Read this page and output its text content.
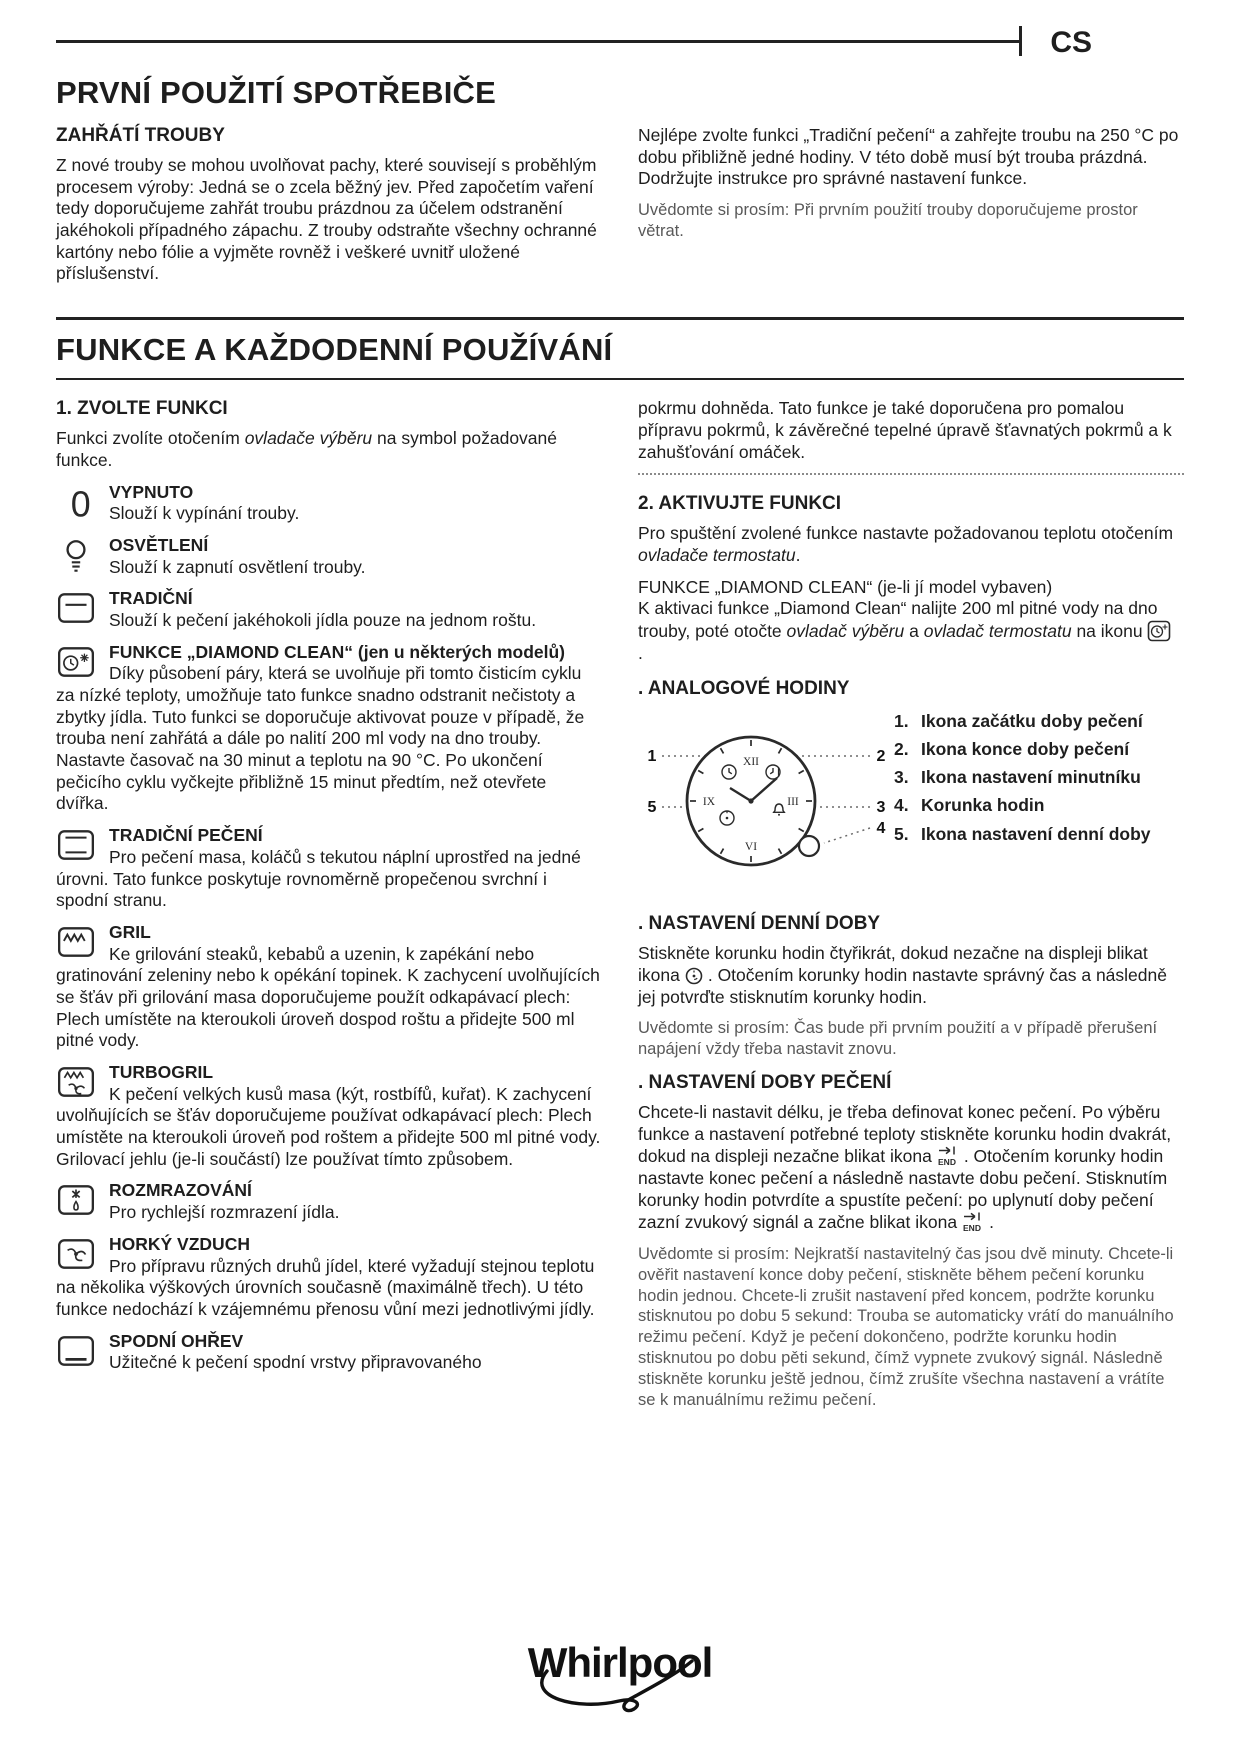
CS
PRVNÍ POUŽITÍ SPOTŘEBIČE
ZAHŘÁTÍ TROUBY

Z nové trouby se mohou uvolňovat pachy, které souvisejí s proběhlým procesem výroby: Jedná se o zcela běžný jev. Před započetím vaření tedy doporučujeme zahřát troubu prázdnou za účelem odstranění jakéhokoli případného zápachu. Z trouby odstraňte všechny ochranné kartóny nebo fólie a vyjměte rovněž i veškeré uvnitř uložené příslušenství.

Nejlépe zvolte funkci „Tradiční pečení“ a zahřejte troubu na 250 °C po dobu přibližně jedné hodiny. V této době musí být trouba prázdná. Dodržujte instrukce pro správné nastavení funkce.

Uvědomte si prosím: Při prvním použití trouby doporučujeme prostor větrat.

FUNKCE A KAŽDODENNÍ POUŽÍVÁNÍ
1. ZVOLTE FUNKCI

Funkci zvolíte otočením ovladače výběru na symbol požadované funkce.

0	VYPNUTO
Slouží k vypínání trouby.
OSVĚTLENÍ
Slouží k zapnutí osvětlení trouby.
TRADIČNÍ
Slouží k pečení jakéhokoli jídla pouze na jednom roštu.
FUNKCE „DIAMOND CLEAN“ (jen u některých modelů)
Díky působení páry, která se uvolňuje při tomto čisticím cyklu za nízké teploty, umožňuje tato funkce snadno odstranit nečistoty a zbytky jídla. Tuto funkci se doporučuje aktivovat pouze v případě, že trouba není zahřátá a dále po nalití 200 ml vody na dno trouby. Nastavte časovač na 30 minut a teplotu na 90 °C. Po ukončení pečicího cyklu vyčkejte přibližně 15 minut předtím, než otevřete dvířka.
TRADIČNÍ PEČENÍ
Pro pečení masa, koláčů s tekutou náplní uprostřed na jedné úrovni. Tato funkce poskytuje rovnoměrně propečenou svrchní i spodní stranu.
GRIL
Ke grilování steaků, kebabů a uzenin, k zapékání nebo gratinování zeleniny nebo k opékání topinek. K zachycení uvolňujících se šťáv při grilování masa doporučujeme použít odkapávací plech: Plech umístěte na kteroukoli úroveň dospod roštu a přidejte 500 ml pitné vody.
TURBOGRIL
K pečení velkých kusů masa (kýt, rostbífů, kuřat). K zachycení uvolňujících se šťáv doporučujeme používat odkapávací plech: Plech umístěte na kteroukoli úroveň pod roštem a přidejte 500 ml pitné vody. Grilovací jehlu (je-li součástí) lze používat tímto způsobem.
ROZMRAZOVÁNÍ
Pro rychlejší rozmrazení jídla.
HORKÝ VZDUCH
Pro přípravu různých druhů jídel, které vyžadují stejnou teplotu na několika výškových úrovních současně (maximálně třech). U této funkce nedochází k vzájemnému přenosu vůní mezi jednotlivými jídly.
SPODNÍ OHŘEV
Užitečné k pečení spodní vrstvy připravovaného

pokrmu dohněda. Tato funkce je také doporučena pro pomalou přípravu pokrmů, k závěrečné tepelné úpravě šťavnatých pokrmů a k zahušťování omáček.

2. AKTIVUJTE FUNKCI

Pro spuštění zvolené funkce nastavte požadovanou teplotu otočením ovladače termostatu.

FUNKCE „DIAMOND CLEAN“ (je-li jí model vybaven)
K aktivaci funkce „Diamond Clean“ nalijte 200 ml pitné vody na dno trouby, poté otočte ovladač výběru a ovladač termostatu na ikonu
.

. ANALOGOVÉ HODINY
XII
III
VI
IX
1	2
3
4
5
1. Ikona začátku doby pečení
2. Ikona konce doby pečení
3. Ikona nastavení minutníku
4. Korunka hodin
5. Ikona nastavení denní doby
. NASTAVENÍ DENNÍ DOBY

Stiskněte korunku hodin čtyřikrát, dokud nezačne na displeji blikat ikona . Otočením korunky hodin nastavte správný čas a následně jej potvrďte stisknutím korunky hodin.

Uvědomte si prosím: Čas bude při prvním použití a v případě přerušení napájení vždy třeba nastavit znovu.

. NASTAVENÍ DOBY PEČENÍ

Chcete-li nastavit délku, je třeba definovat konec pečení. Po výběru funkce a nastavení potřebné teploty stiskněte korunku hodin dvakrát, dokud na displeji nezačne blikat ikona END . Otočením korunky hodin nastavte konec pečení a následně nastavte dobu pečení. Stisknutím korunky hodin potvrdíte a spustíte pečení: po uplynutí doby pečení zazní zvukový signál a začne blikat ikona END .

Uvědomte si prosím: Nejkratší nastavitelný čas jsou dvě minuty. Chcete-li ověřit nastavení konce doby pečení, stiskněte během pečení korunku hodin jednou. Chcete-li zrušit nastavení před koncem, podržte korunku stisknutou po dobu 5 sekund: Trouba se automaticky vrátí do manuálního režimu pečení. Když je pečení dokončeno, podržte korunku hodin stisknutou po dobu pěti sekund, čímž vypnete zvukový signál. Následně stiskněte korunku ještě jednou, čímž zrušíte všechna nastavení a vrátíte se k manuálnímu režimu pečení.

Whirlpool
